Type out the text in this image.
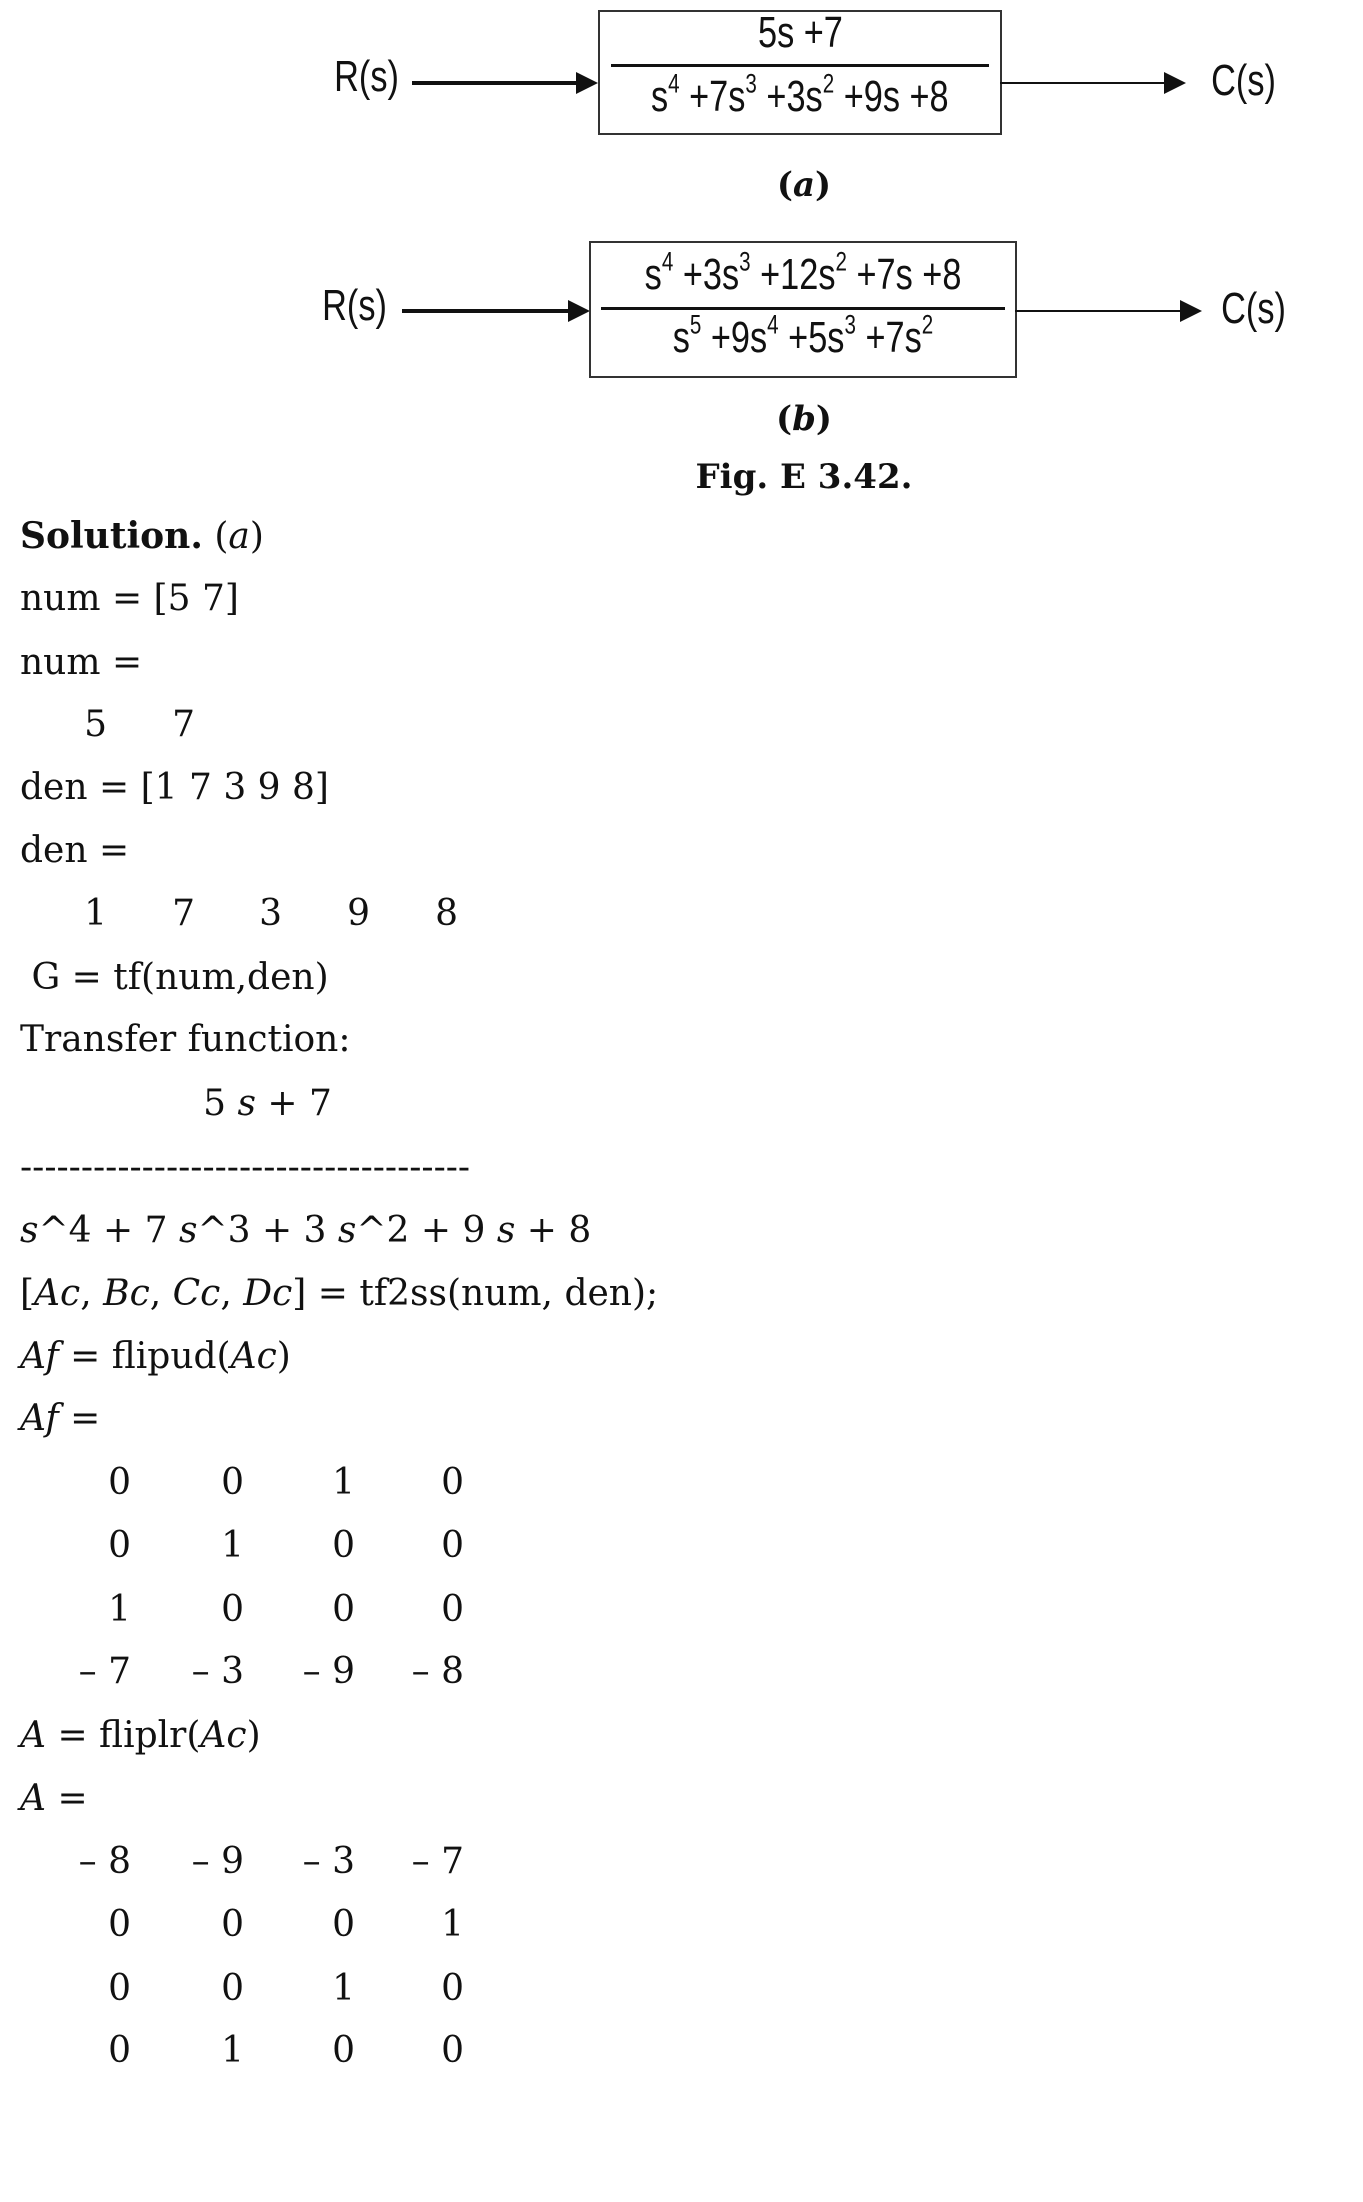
R(s)
5s +7
$s^4 +7s^3 +3s^2 +9s +8$	C(s)
(a)
R(s)
$s^4 +3s^3 +12s^2 +7s +8$
$s^5 +9s^4 +5s^3 +7s^2$	C(s)
(b)
Fig. E 3.42.
Solution. (a)
num = [5 7]
num =
den = [1 7 3 9 8]
den =
G = tf(num,den)
Transfer function:
5 s + 7
-------------------------------------
s^4 + 7 s^3 + 3 s^2 + 9 s + 8
[Ac, Bc, Cc, Dc] = tf2ss(num, den);
Af = flipud(Ac)
Af =
A = fliplr(Ac)
A =
5	7
1	7	3	9	8
0	0	1	0
0	1	0	0
1	0	0	0
– 7	– 3	– 9	– 8
– 8	– 9	– 3	– 7
0	0	0	1
0	0	1	0
0	1	0	0
